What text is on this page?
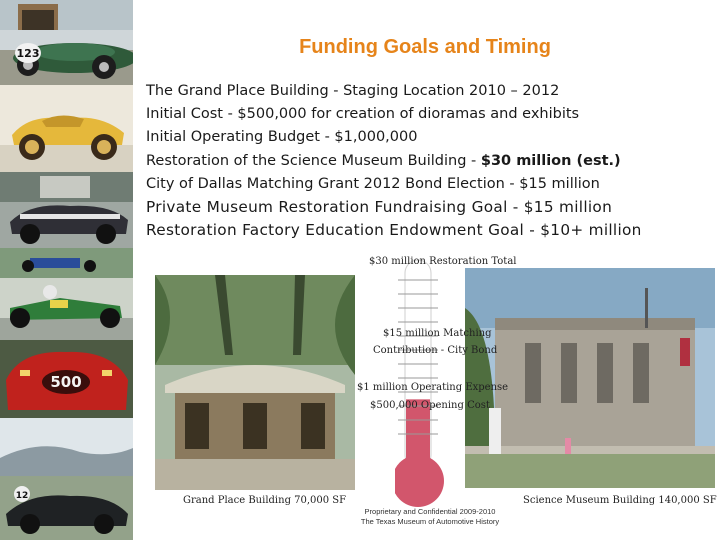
123
500
12
Funding Goals and Timing
The Grand Place Building - Staging Location 2010 – 2012
Initial Cost - $500,000 for creation of dioramas and exhibits
Initial Operating Budget - $1,000,000
Restoration of the Science Museum Building - $30 million (est.)
City of Dallas Matching Grant 2012 Bond Election - $15 million
Private Museum Restoration Fundraising Goal - $15 million
Restoration Factory Education Endowment Goal - $10+ million
$30 million Restoration Total
$15 million Matching
Contribution - City Bond
$1 million Operating Expense
$500,000 Opening Cost
Grand Place Building 70,000 SF	Science Museum Building 140,000 SF
Proprietary and Confidential 2009-2010
The Texas Museum of Automotive History
